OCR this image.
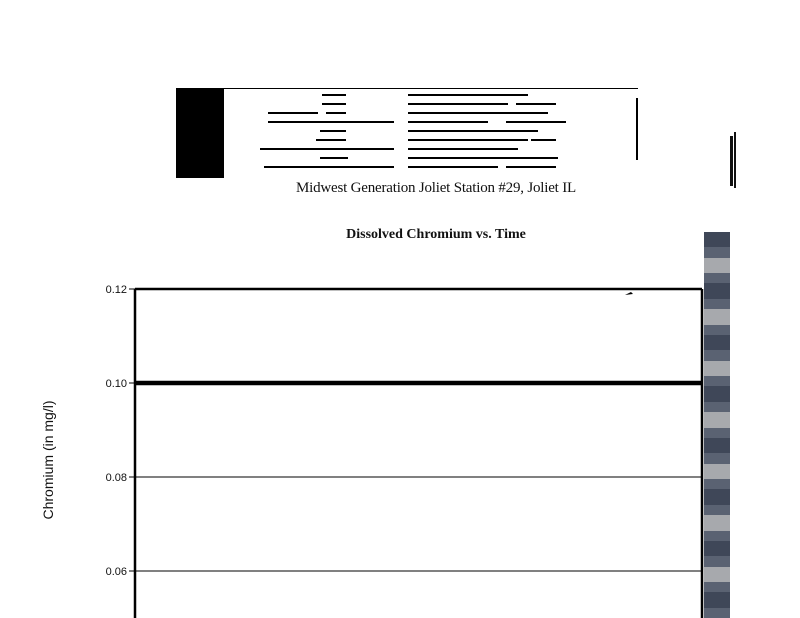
Midwest Generation Joliet Station #29, Joliet IL
Dissolved Chromium vs. Time
Chromium (in mg/l)
0.12
0.10
0.08
0.06
